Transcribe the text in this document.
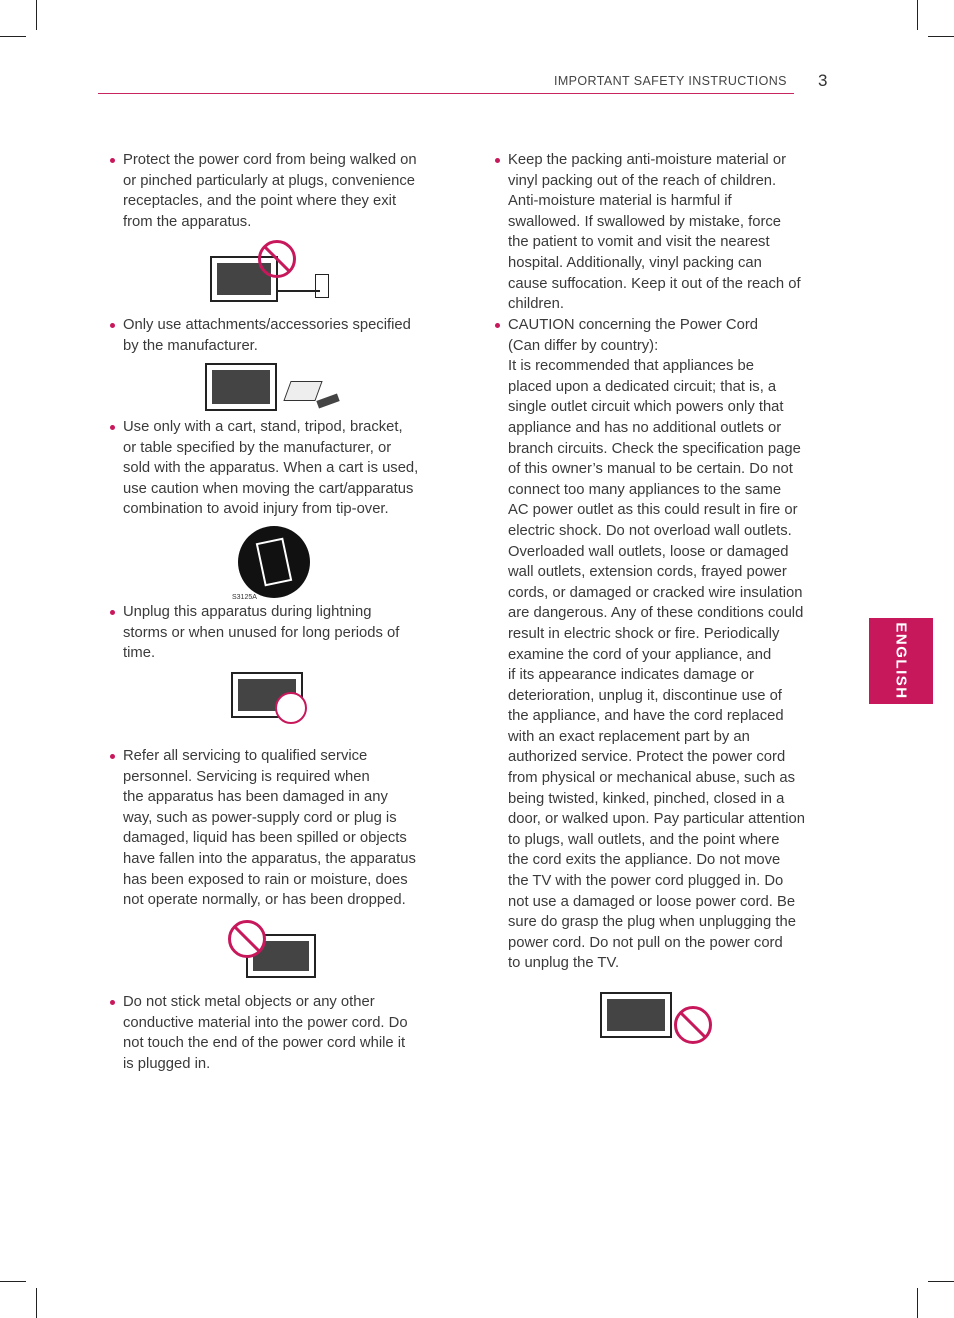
IMPORTANT SAFETY INSTRUCTIONS 3
ENGLISH
Protect the power cord from being walked on
or pinched particularly at plugs, convenience
receptacles, and the point where they exit
from the apparatus.
Only use attachments/accessories specified
by the manufacturer.
Use only with a cart, stand, tripod, bracket,
or table specified by the manufacturer, or
sold with the apparatus. When a cart is used,
use caution when moving the cart/apparatus
combination to avoid injury from tip-over.
S3125A
Unplug this apparatus during lightning
storms or when unused for long periods of
time.
Refer all servicing to qualified service
personnel. Servicing is required when
the apparatus has been damaged in any
way, such as power-supply cord or plug is
damaged, liquid has been spilled or objects
have fallen into the apparatus, the apparatus
has been exposed to rain or moisture, does
not operate normally, or has been dropped.
Do not stick metal objects or any other
conductive material into the power cord. Do
not touch the end of the power cord while it
is plugged in.
Keep the packing anti-moisture material or
vinyl packing out of the reach of children.
Anti-moisture material is harmful if
swallowed. If swallowed by mistake, force
the patient to vomit and visit the nearest
hospital. Additionally, vinyl packing can
cause suffocation. Keep it out of the reach of
children.
CAUTION concerning the Power Cord
(Can differ by country):
It is recommended that appliances be
placed upon a dedicated circuit; that is, a
single outlet circuit which powers only that
appliance and has no additional outlets or
branch circuits. Check the specification page
of this owner’s manual to be certain. Do not
connect too many appliances to the same
AC power outlet as this could result in fire or
electric shock. Do not overload wall outlets.
Overloaded wall outlets, loose or damaged
wall outlets, extension cords, frayed power
cords, or damaged or cracked wire insulation
are dangerous. Any of these conditions could
result in electric shock or fire. Periodically
examine the cord of your appliance, and
if its appearance indicates damage or
deterioration, unplug it, discontinue use of
the appliance, and have the cord replaced
with an exact replacement part by an
authorized service. Protect the power cord
from physical or mechanical abuse, such as
being twisted, kinked, pinched, closed in a
door, or walked upon. Pay particular attention
to plugs, wall outlets, and the point where
the cord exits the appliance. Do not move
the TV with the power cord plugged in. Do
not use a damaged or loose power cord. Be
sure do grasp the plug when unplugging the
power cord. Do not pull on the power cord
to unplug the TV.
